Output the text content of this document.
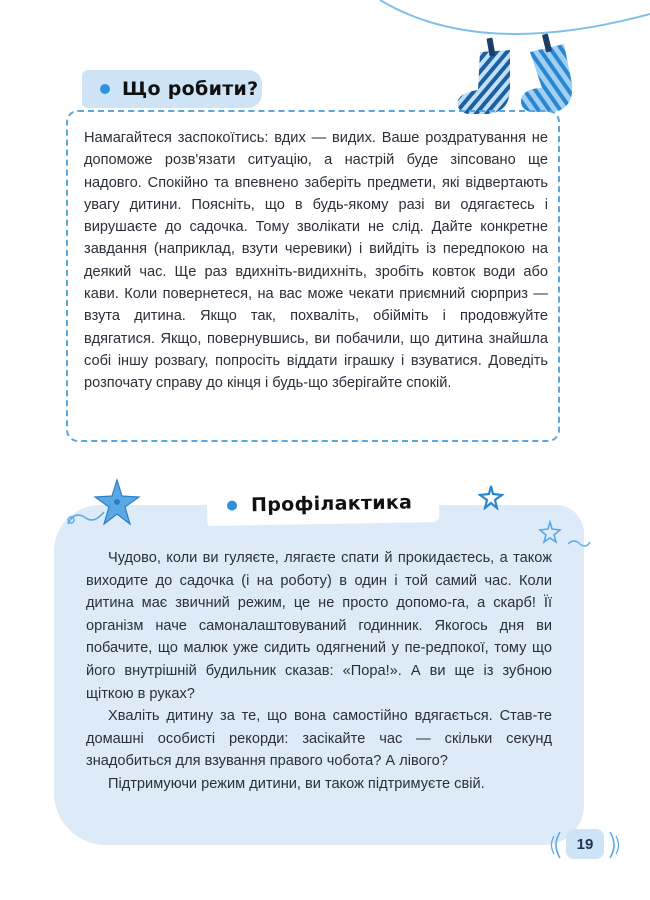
Що робити?

Намагайтеся заспокоїтись: вдих — видих. Ваше роздратування не допоможе розв'язати ситуацію, а настрій буде зіпсовано ще надовго. Спокійно та впевнено заберіть предмети, які відвертають увагу дитини. Поясніть, що в будь-якому разі ви одягаєтесь і вирушаєте до садочка. Тому зволікати не слід. Дайте конкретне завдання (наприклад, взути черевики) і вийдіть із передпокою на деякий час. Ще раз вдихніть-видихніть, зробіть ковток води або кави. Коли повернетеся, на вас може чекати приємний сюрприз — взута дитина. Якщо так, похваліть, обійміть і продовжуйте вдягатися. Якщо, повернувшись, ви побачили, що дитина знайшла собі іншу розвагу, попросіть віддати іграшку і взуватися. Доведіть розпочату справу до кінця і будь-що зберігайте спокій.

Профілактика

Чудово, коли ви гуляєте, лягаєте спати й прокидаєтесь, а також виходите до садочка (і на роботу) в один і той самий час. Коли дитина має звичний режим, це не просто допомо-га, а скарб! Її організм наче самоналаштовуваний годинник. Якогось дня ви побачите, що малюк уже сидить одягнений у пе-редпокої, тому що його внутрішній будильник сказав: «Пора!». А ви ще із зубною щіткою в руках?

Хваліть дитину за те, що вона самостійно вдягається. Став-те домашні особисті рекорди: засікайте час — скільки секунд знадобиться для взування правого чобота? А лівого?

Підтримуючи режим дитини, ви також підтримуєте свій.

19
